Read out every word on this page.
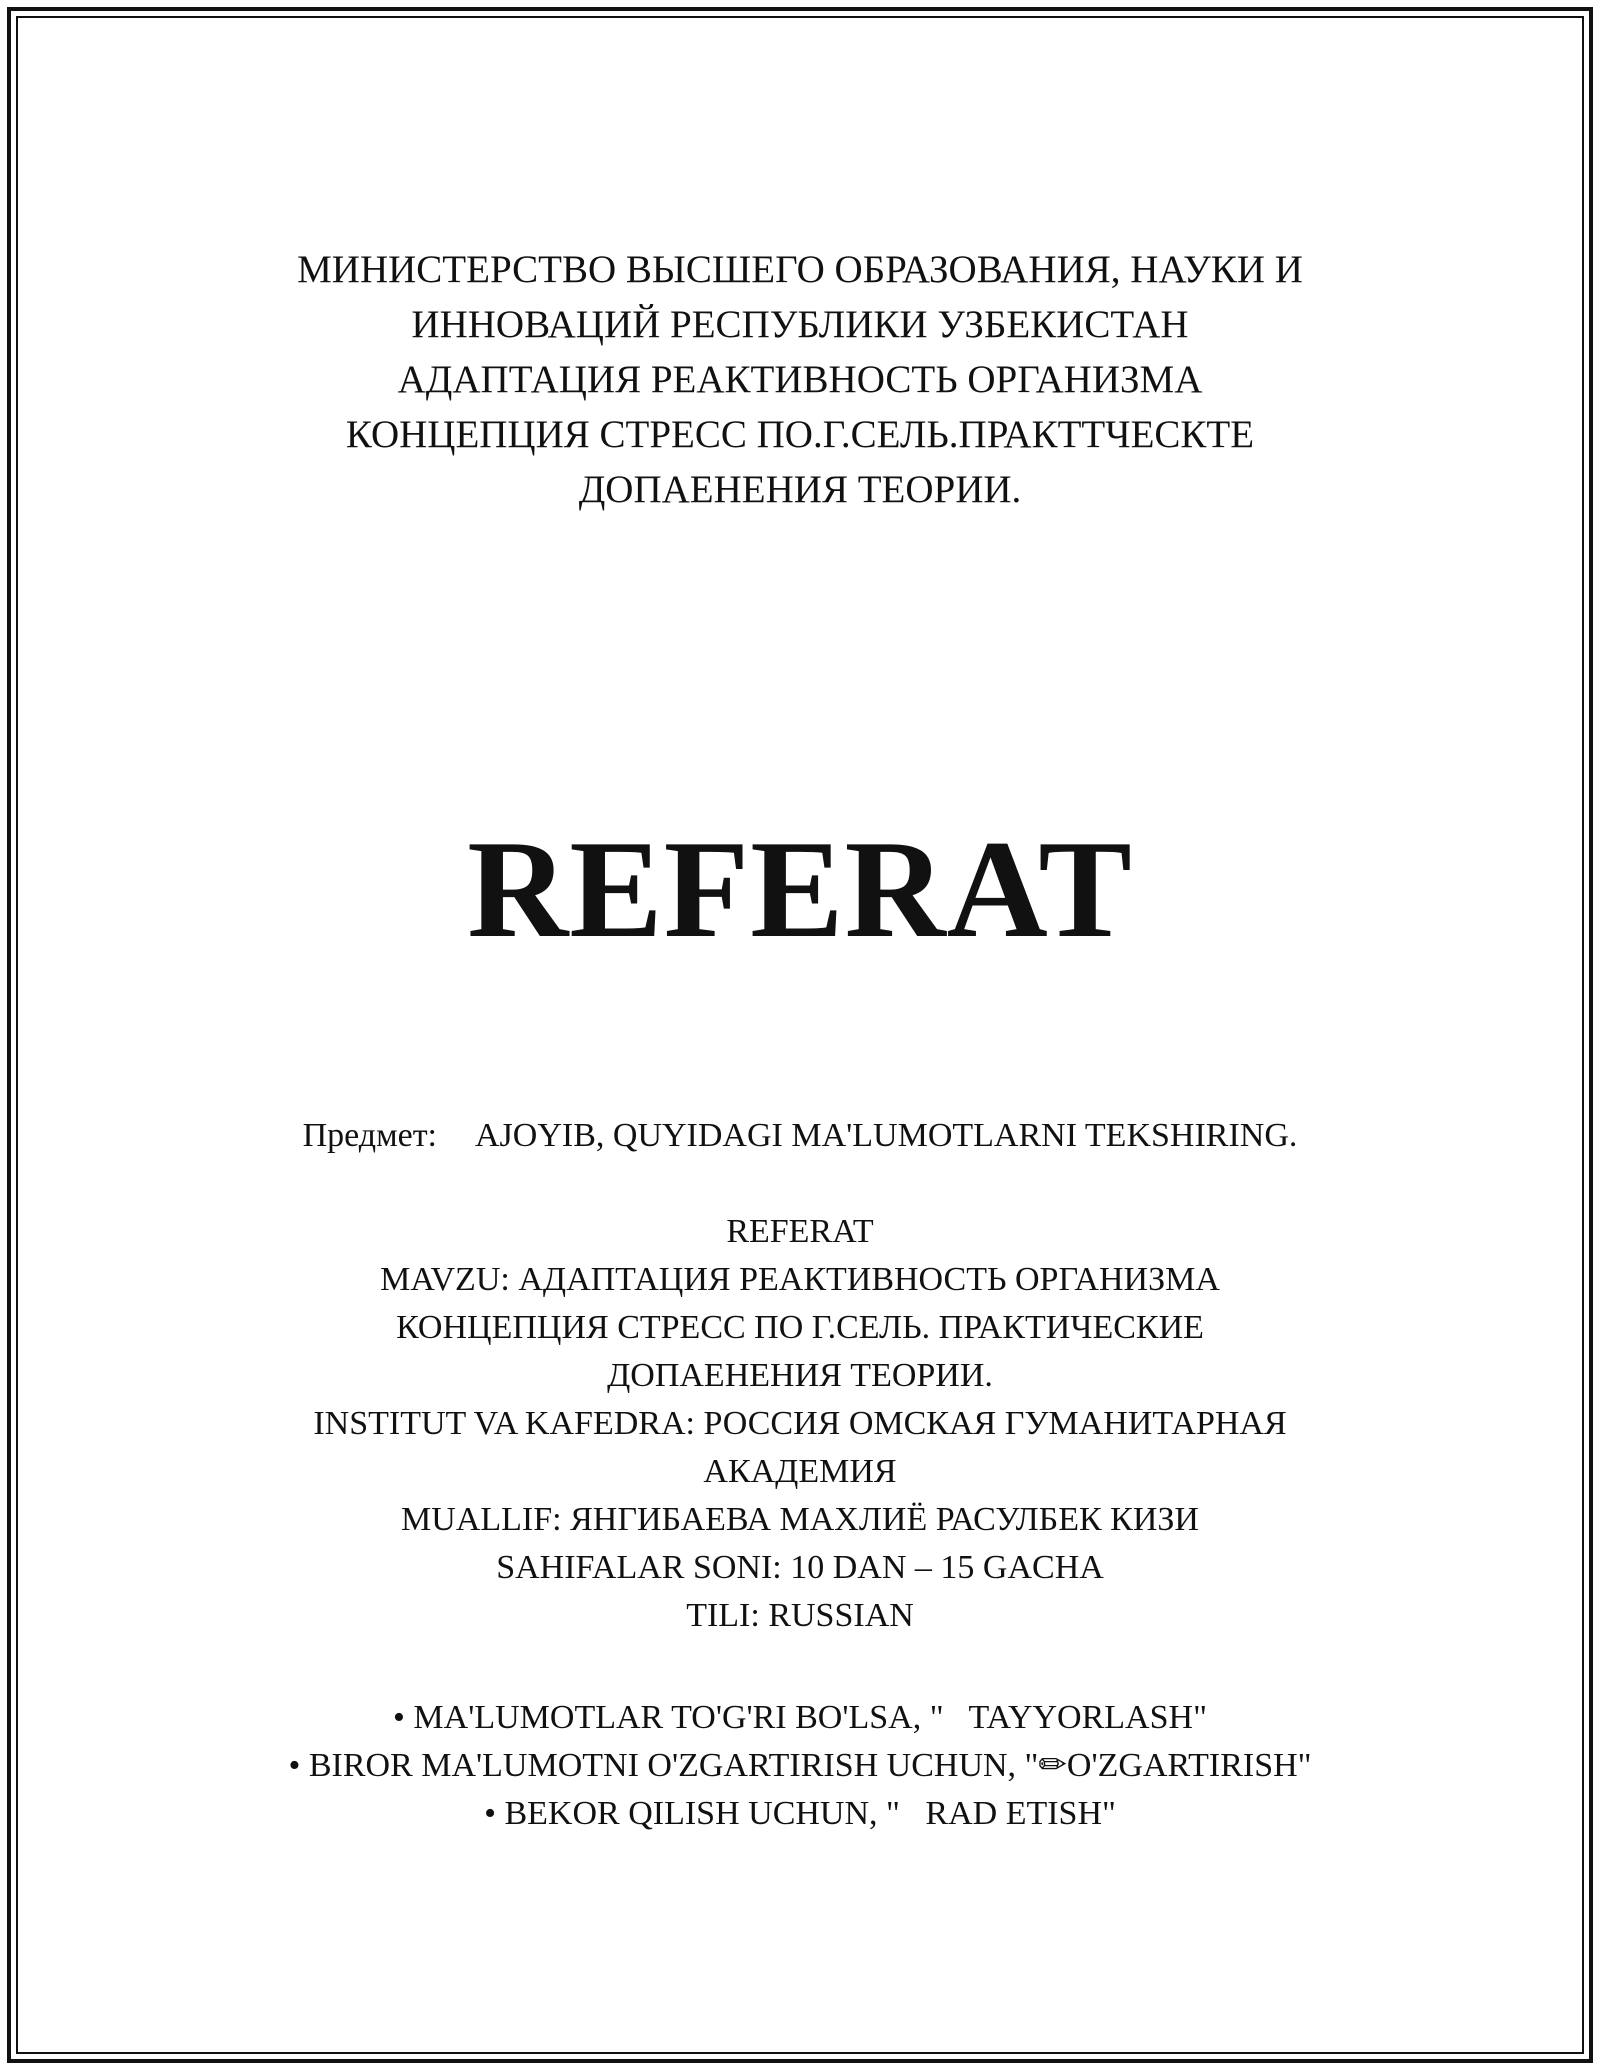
МИНИСТЕРСТВО ВЫСШЕГО ОБРАЗОВАНИЯ, НАУКИ И
ИННОВАЦИЙ РЕСПУБЛИКИ УЗБЕКИСТАН
АДАПТАЦИЯ РЕАКТИВНОСТЬ ОРГАНИЗМА
КОНЦЕПЦИЯ СТРЕСС ПО.Г.СЕЛЬ.ПРАКТТЧЕСКТЕ
ДОПАЕНЕНИЯ ТЕОРИИ.
REFERAT
Предмет: AJOYIB, QUYIDAGI MA'LUMOTLARNI TEKSHIRING.
REFERAT
MAVZU: АДАПТАЦИЯ РЕАКТИВНОСТЬ ОРГАНИЗМА
КОНЦЕПЦИЯ СТРЕСС ПО Г.СЕЛЬ. ПРАКТИЧЕСКИЕ
ДОПАЕНЕНИЯ ТЕОРИИ.
INSTITUT VA KAFEDRA: РОССИЯ ОМСКАЯ ГУМАНИТАРНАЯ
АКАДЕМИЯ
MUALLIF: ЯНГИБАЕВА МАХЛИЁ РАСУЛБЕК КИЗИ
SAHIFALAR SONI: 10 DAN – 15 GACHA
TILI: RUSSIAN
• MA'LUMOTLAR TO'G'RI BO'LSA, "   TAYYORLASH"
• BIROR MA'LUMOTNI O'ZGARTIRISH UCHUN, "✏O'ZGARTIRISH"
• BEKOR QILISH UCHUN, "   RAD ETISH"
